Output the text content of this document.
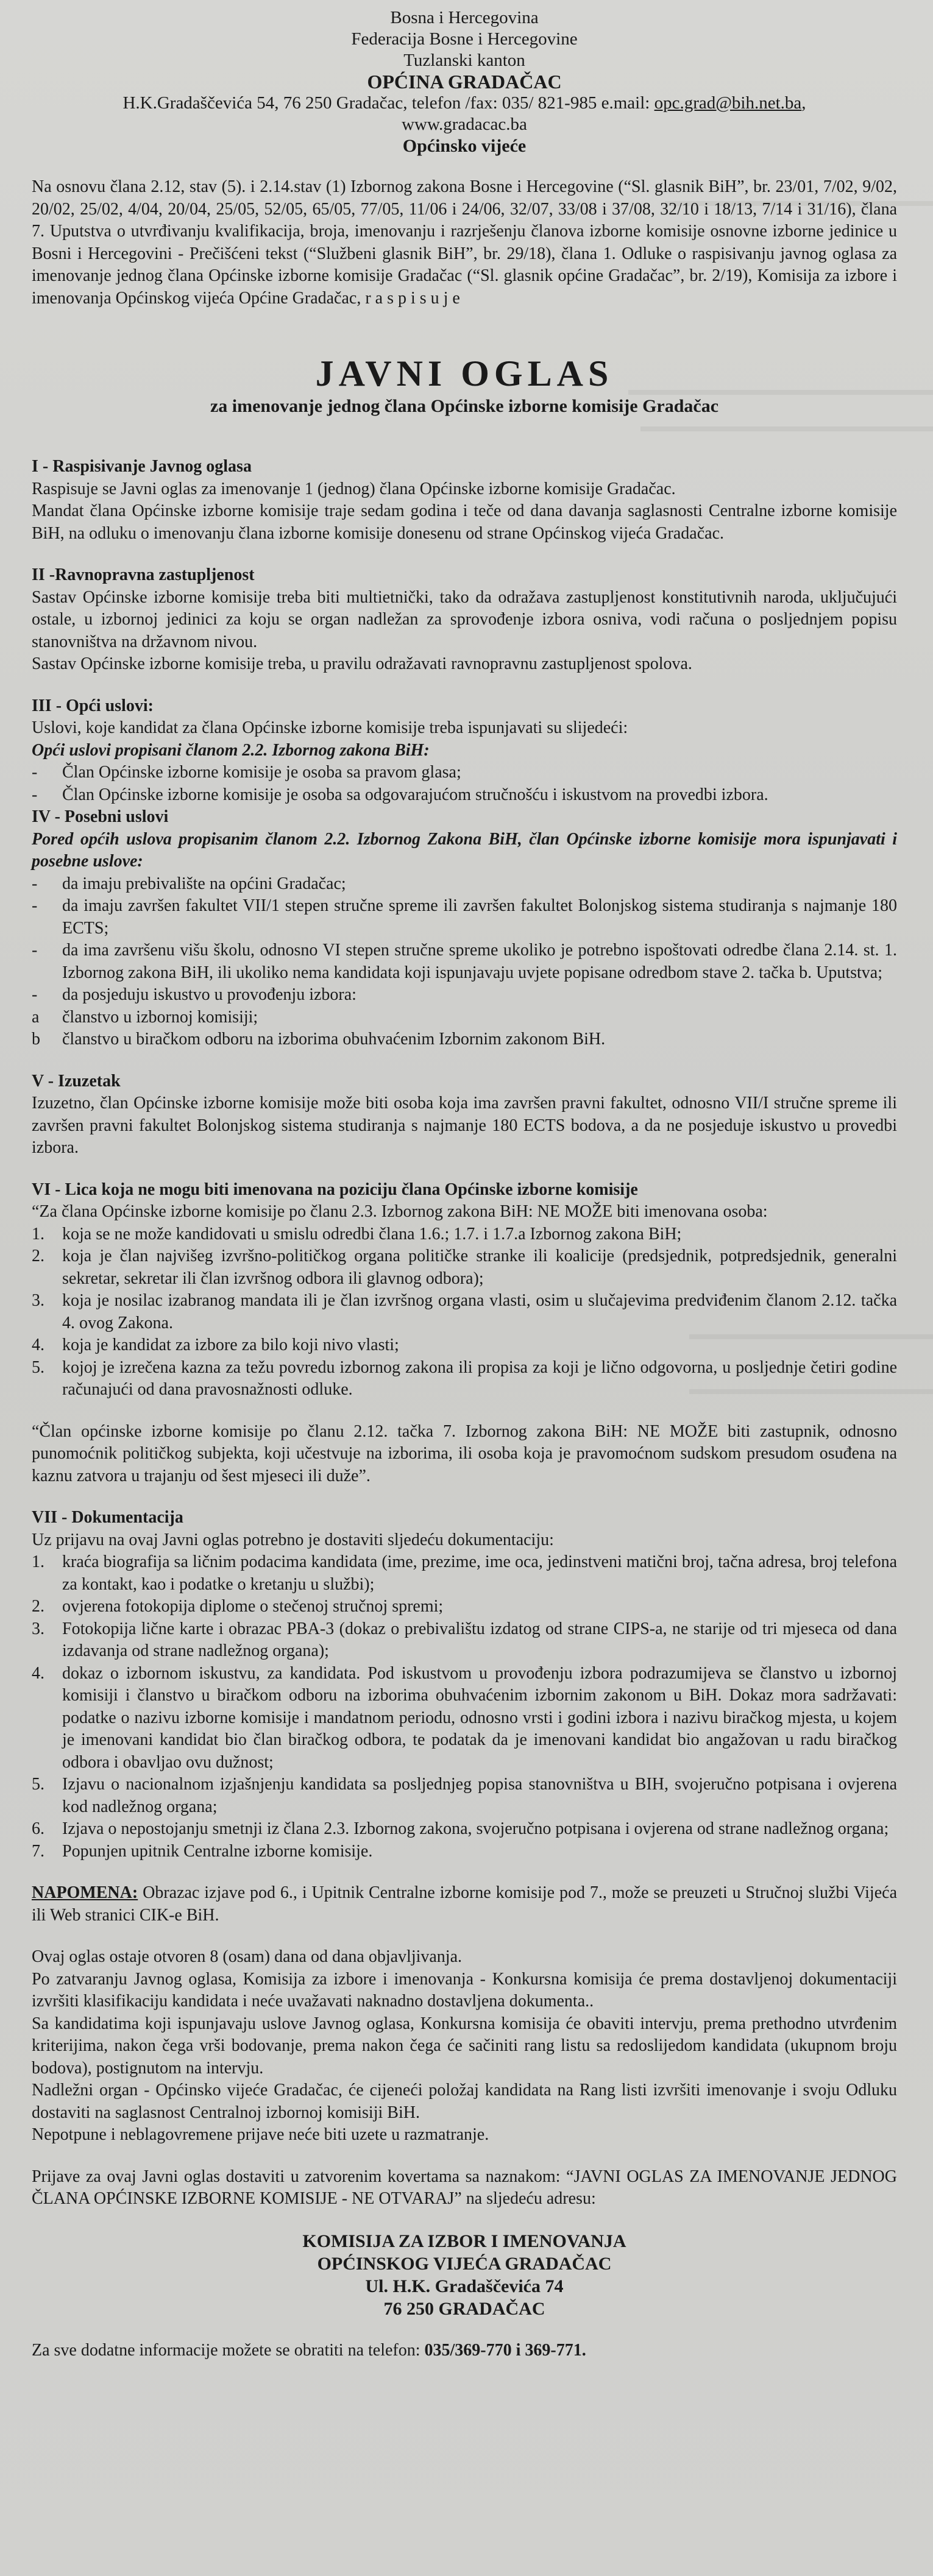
Bosna i Hercegovina
Federacija Bosne i Hercegovine
Tuzlanski kanton
OPĆINA GRADAČAC
H.K.Gradaščevića 54, 76 250 Gradačac, telefon /fax: 035/ 821-985 e.mail: opc.grad@bih.net.ba,
www.gradacac.ba
Općinsko vijeće

Na osnovu člana 2.12, stav (5). i 2.14.stav (1) Izbornog zakona Bosne i Hercegovine (“Sl. glasnik BiH”, br. 23/01, 7/02, 9/02, 20/02, 25/02, 4/04, 20/04, 25/05, 52/05, 65/05, 77/05, 11/06 i 24/06, 32/07, 33/08 i 37/08, 32/10 i 18/13, 7/14 i 31/16), člana 7. Uputstva o utvrđivanju kvalifikacija, broja, imenovanju i razrješenju članova izborne komisije osnovne izborne jedinice u Bosni i Hercegovini - Prečišćeni tekst (“Službeni glasnik BiH”, br. 29/18), člana 1. Odluke o raspisivanju javnog oglasa za imenovanje jednog člana Općinske izborne komisije Gradačac (“Sl. glasnik općine Gradačac”, br. 2/19), Komisija za izbore i imenovanja Općinskog vijeća Općine Gradačac, r a s p i s u j e

JAVNI OGLAS
za imenovanje jednog člana Općinske izborne komisije Gradačac

I - Raspisivanje Javnog oglasa

Raspisuje se Javni oglas za imenovanje 1 (jednog) člana Općinske izborne komisije Gradačac.

Mandat člana Općinske izborne komisije traje sedam godina i teče od dana davanja saglasnosti Centralne izborne komisije BiH, na odluku o imenovanju člana izborne komisije donesenu od strane Općinskog vijeća Gradačac.

II -Ravnopravna zastupljenost

Sastav Općinske izborne komisije treba biti multietnički, tako da odražava zastupljenost konstitutivnih naroda, uključujući ostale, u izbornoj jedinici za koju se organ nadležan za sprovođenje izbora osniva, vodi računa o posljednjem popisu stanovništva na državnom nivou.

Sastav Općinske izborne komisije treba, u pravilu odražavati ravnopravnu zastupljenost spolova.

III - Opći uslovi:

Uslovi, koje kandidat za člana Općinske izborne komisije treba ispunjavati su slijedeći:

Opći uslovi propisani članom 2.2. Izbornog zakona BiH:

-	Član Općinske izborne komisije je osoba sa pravom glasa;
-	Član Općinske izborne komisije je osoba sa odgovarajućom stručnošću i iskustvom na provedbi izbora.

IV - Posebni uslovi

Pored općih uslova propisanim članom 2.2. Izbornog Zakona BiH, član Općinske izborne komisije mora ispunjavati i posebne uslove:

-	da imaju prebivalište na općini Gradačac;
-	da imaju završen fakultet VII/1 stepen stručne spreme ili završen fakultet Bolonjskog sistema studiranja s najmanje 180 ECTS;
-	da ima završenu višu školu, odnosno VI stepen stručne spreme ukoliko je potrebno ispoštovati odredbe člana 2.14. st. 1. Izbornog zakona BiH, ili ukoliko nema kandidata koji ispunjavaju uvjete popisane odredbom stave 2. tačka b. Uputstva;
-	da posjeduju iskustvo u provođenju izbora:
a	članstvo u izbornoj komisiji;
b	članstvo u biračkom odboru na izborima obuhvaćenim Izbornim zakonom BiH.

V - Izuzetak

Izuzetno, član Općinske izborne komisije može biti osoba koja ima završen pravni fakultet, odnosno VII/I stručne spreme ili završen pravni fakultet Bolonjskog sistema studiranja s najmanje 180 ECTS bodova, a da ne posjeduje iskustvo u provedbi izbora.

VI - Lica koja ne mogu biti imenovana na poziciju člana Općinske izborne komisije

“Za člana Općinske izborne komisije po članu 2.3. Izbornog zakona BiH: NE MOŽE biti imenovana osoba:

1.	koja se ne može kandidovati u smislu odredbi člana 1.6.; 1.7. i 1.7.a Izbornog zakona BiH;
2.	koja je član najvišeg izvršno-političkog organa političke stranke ili koalicije (predsjednik, potpredsjednik, generalni sekretar, sekretar ili član izvršnog odbora ili glavnog odbora);
3.	koja je nosilac izabranog mandata ili je član izvršnog organa vlasti, osim u slučajevima predviđenim članom 2.12. tačka 4. ovog Zakona.
4.	koja je kandidat za izbore za bilo koji nivo vlasti;
5.	kojoj je izrečena kazna za težu povredu izbornog zakona ili propisa za koji je lično odgovorna, u posljednje četiri godine računajući od dana pravosnažnosti odluke.

“Član općinske izborne komisije po članu 2.12. tačka 7. Izbornog zakona BiH: NE MOŽE biti zastupnik, odnosno punomoćnik političkog subjekta, koji učestvuje na izborima, ili osoba koja je pravomoćnom sudskom presudom osuđena na kaznu zatvora u trajanju od šest mjeseci ili duže”.

VII - Dokumentacija

Uz prijavu na ovaj Javni oglas potrebno je dostaviti sljedeću dokumentaciju:

1.	kraća biografija sa ličnim podacima kandidata (ime, prezime, ime oca, jedinstveni matični broj, tačna adresa, broj telefona za kontakt, kao i podatke o kretanju u službi);
2.	ovjerena fotokopija diplome o stečenoj stručnoj spremi;
3.	Fotokopija lične karte i obrazac PBA-3 (dokaz o prebivalištu izdatog od strane CIPS-a, ne starije od tri mjeseca od dana izdavanja od strane nadležnog organa);
4.	dokaz o izbornom iskustvu, za kandidata. Pod iskustvom u provođenju izbora podrazumijeva se članstvo u izbornoj komisiji i članstvo u biračkom odboru na izborima obuhvaćenim izbornim zakonom u BiH. Dokaz mora sadržavati: podatke o nazivu izborne komisije i mandatnom periodu, odnosno vrsti i godini izbora i nazivu biračkog mjesta, u kojem je imenovani kandidat bio član biračkog odbora, te podatak da je imenovani kandidat bio angažovan u radu biračkog odbora i obavljao ovu dužnost;
5.	Izjavu o nacionalnom izjašnjenju kandidata sa posljednjeg popisa stanovništva u BIH, svojeručno potpisana i ovjerena kod nadležnog organa;
6.	Izjava o nepostojanju smetnji iz člana 2.3. Izbornog zakona, svojeručno potpisana i ovjerena od strane nadležnog organa;
7.	Popunjen upitnik Centralne izborne komisije.

NAPOMENA: Obrazac izjave pod 6., i Upitnik Centralne izborne komisije pod 7., može se preuzeti u Stručnoj službi Vijeća ili Web stranici CIK-e BiH.

Ovaj oglas ostaje otvoren 8 (osam) dana od dana objavljivanja.

Po zatvaranju Javnog oglasa, Komisija za izbore i imenovanja - Konkursna komisija će prema dostavljenoj dokumentaciji izvršiti klasifikaciju kandidata i neće uvažavati naknadno dostavljena dokumenta..

Sa kandidatima koji ispunjavaju uslove Javnog oglasa, Konkursna komisija će obaviti intervju, prema prethodno utvrđenim kriterijima, nakon čega vrši bodovanje, prema nakon čega će sačiniti rang listu sa redoslijedom kandidata (ukupnom broju bodova), postignutom na intervju.

Nadležni organ - Općinsko vijeće Gradačac, će cijeneći položaj kandidata na Rang listi izvršiti imenovanje i svoju Odluku dostaviti na saglasnost Centralnoj izbornoj komisiji BiH.

Nepotpune i neblagovremene prijave neće biti uzete u razmatranje.

Prijave za ovaj Javni oglas dostaviti u zatvorenim kovertama sa naznakom: “JAVNI OGLAS ZA IMENOVANJE JEDNOG ČLANA OPĆINSKE IZBORNE KOMISIJE - NE OTVARAJ” na sljedeću adresu:

KOMISIJA ZA IZBOR I IMENOVANJA
OPĆINSKOG VIJEĆA GRADAČAC
Ul. H.K. Gradaščevića 74
76 250 GRADAČAC

Za sve dodatne informacije možete se obratiti na telefon: 035/369-770 i 369-771.
